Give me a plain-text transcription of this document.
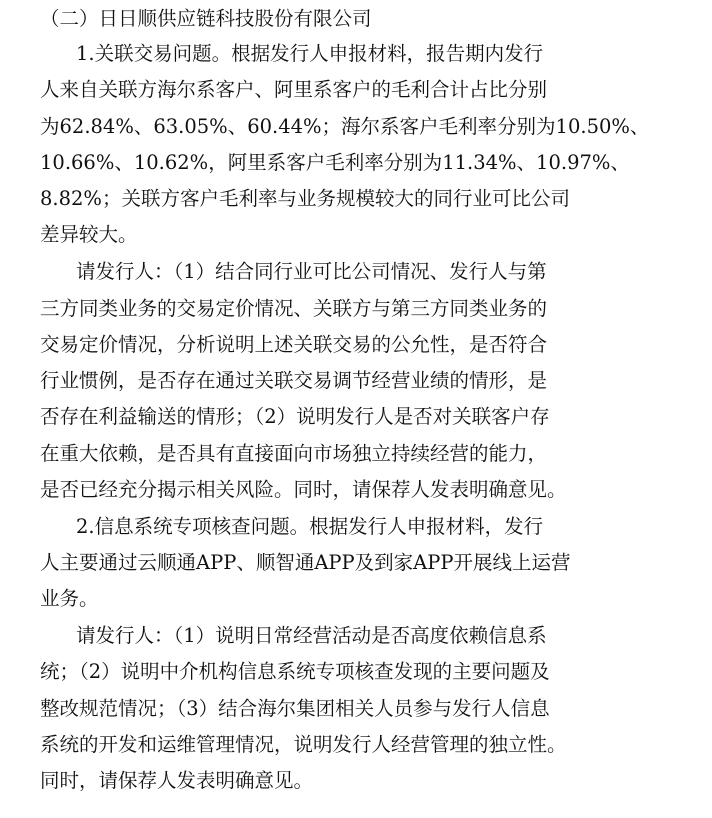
（二）日日顺供应链科技股份有限公司
1.关联交易问题。根据发行人申报材料，报告期内发行
人来自关联方海尔系客户、阿里系客户的毛利合计占比分别
为62.84%、63.05%、60.44%；海尔系客户毛利率分别为10.50%、
10.66%、10.62%，阿里系客户毛利率分别为11.34%、10.97%、
8.82%；关联方客户毛利率与业务规模较大的同行业可比公司
差异较大。
请发行人：（1）结合同行业可比公司情况、发行人与第
三方同类业务的交易定价情况、关联方与第三方同类业务的
交易定价情况，分析说明上述关联交易的公允性，是否符合
行业惯例，是否存在通过关联交易调节经营业绩的情形，是
否存在利益输送的情形；（2）说明发行人是否对关联客户存
在重大依赖，是否具有直接面向市场独立持续经营的能力，
是否已经充分揭示相关风险。同时，请保荐人发表明确意见。
2.信息系统专项核查问题。根据发行人申报材料，发行
人主要通过云顺通APP、顺智通APP及到家APP开展线上运营
业务。
请发行人：（1）说明日常经营活动是否高度依赖信息系
统；（2）说明中介机构信息系统专项核查发现的主要问题及
整改规范情况；（3）结合海尔集团相关人员参与发行人信息
系统的开发和运维管理情况，说明发行人经营管理的独立性。
同时，请保荐人发表明确意见。
